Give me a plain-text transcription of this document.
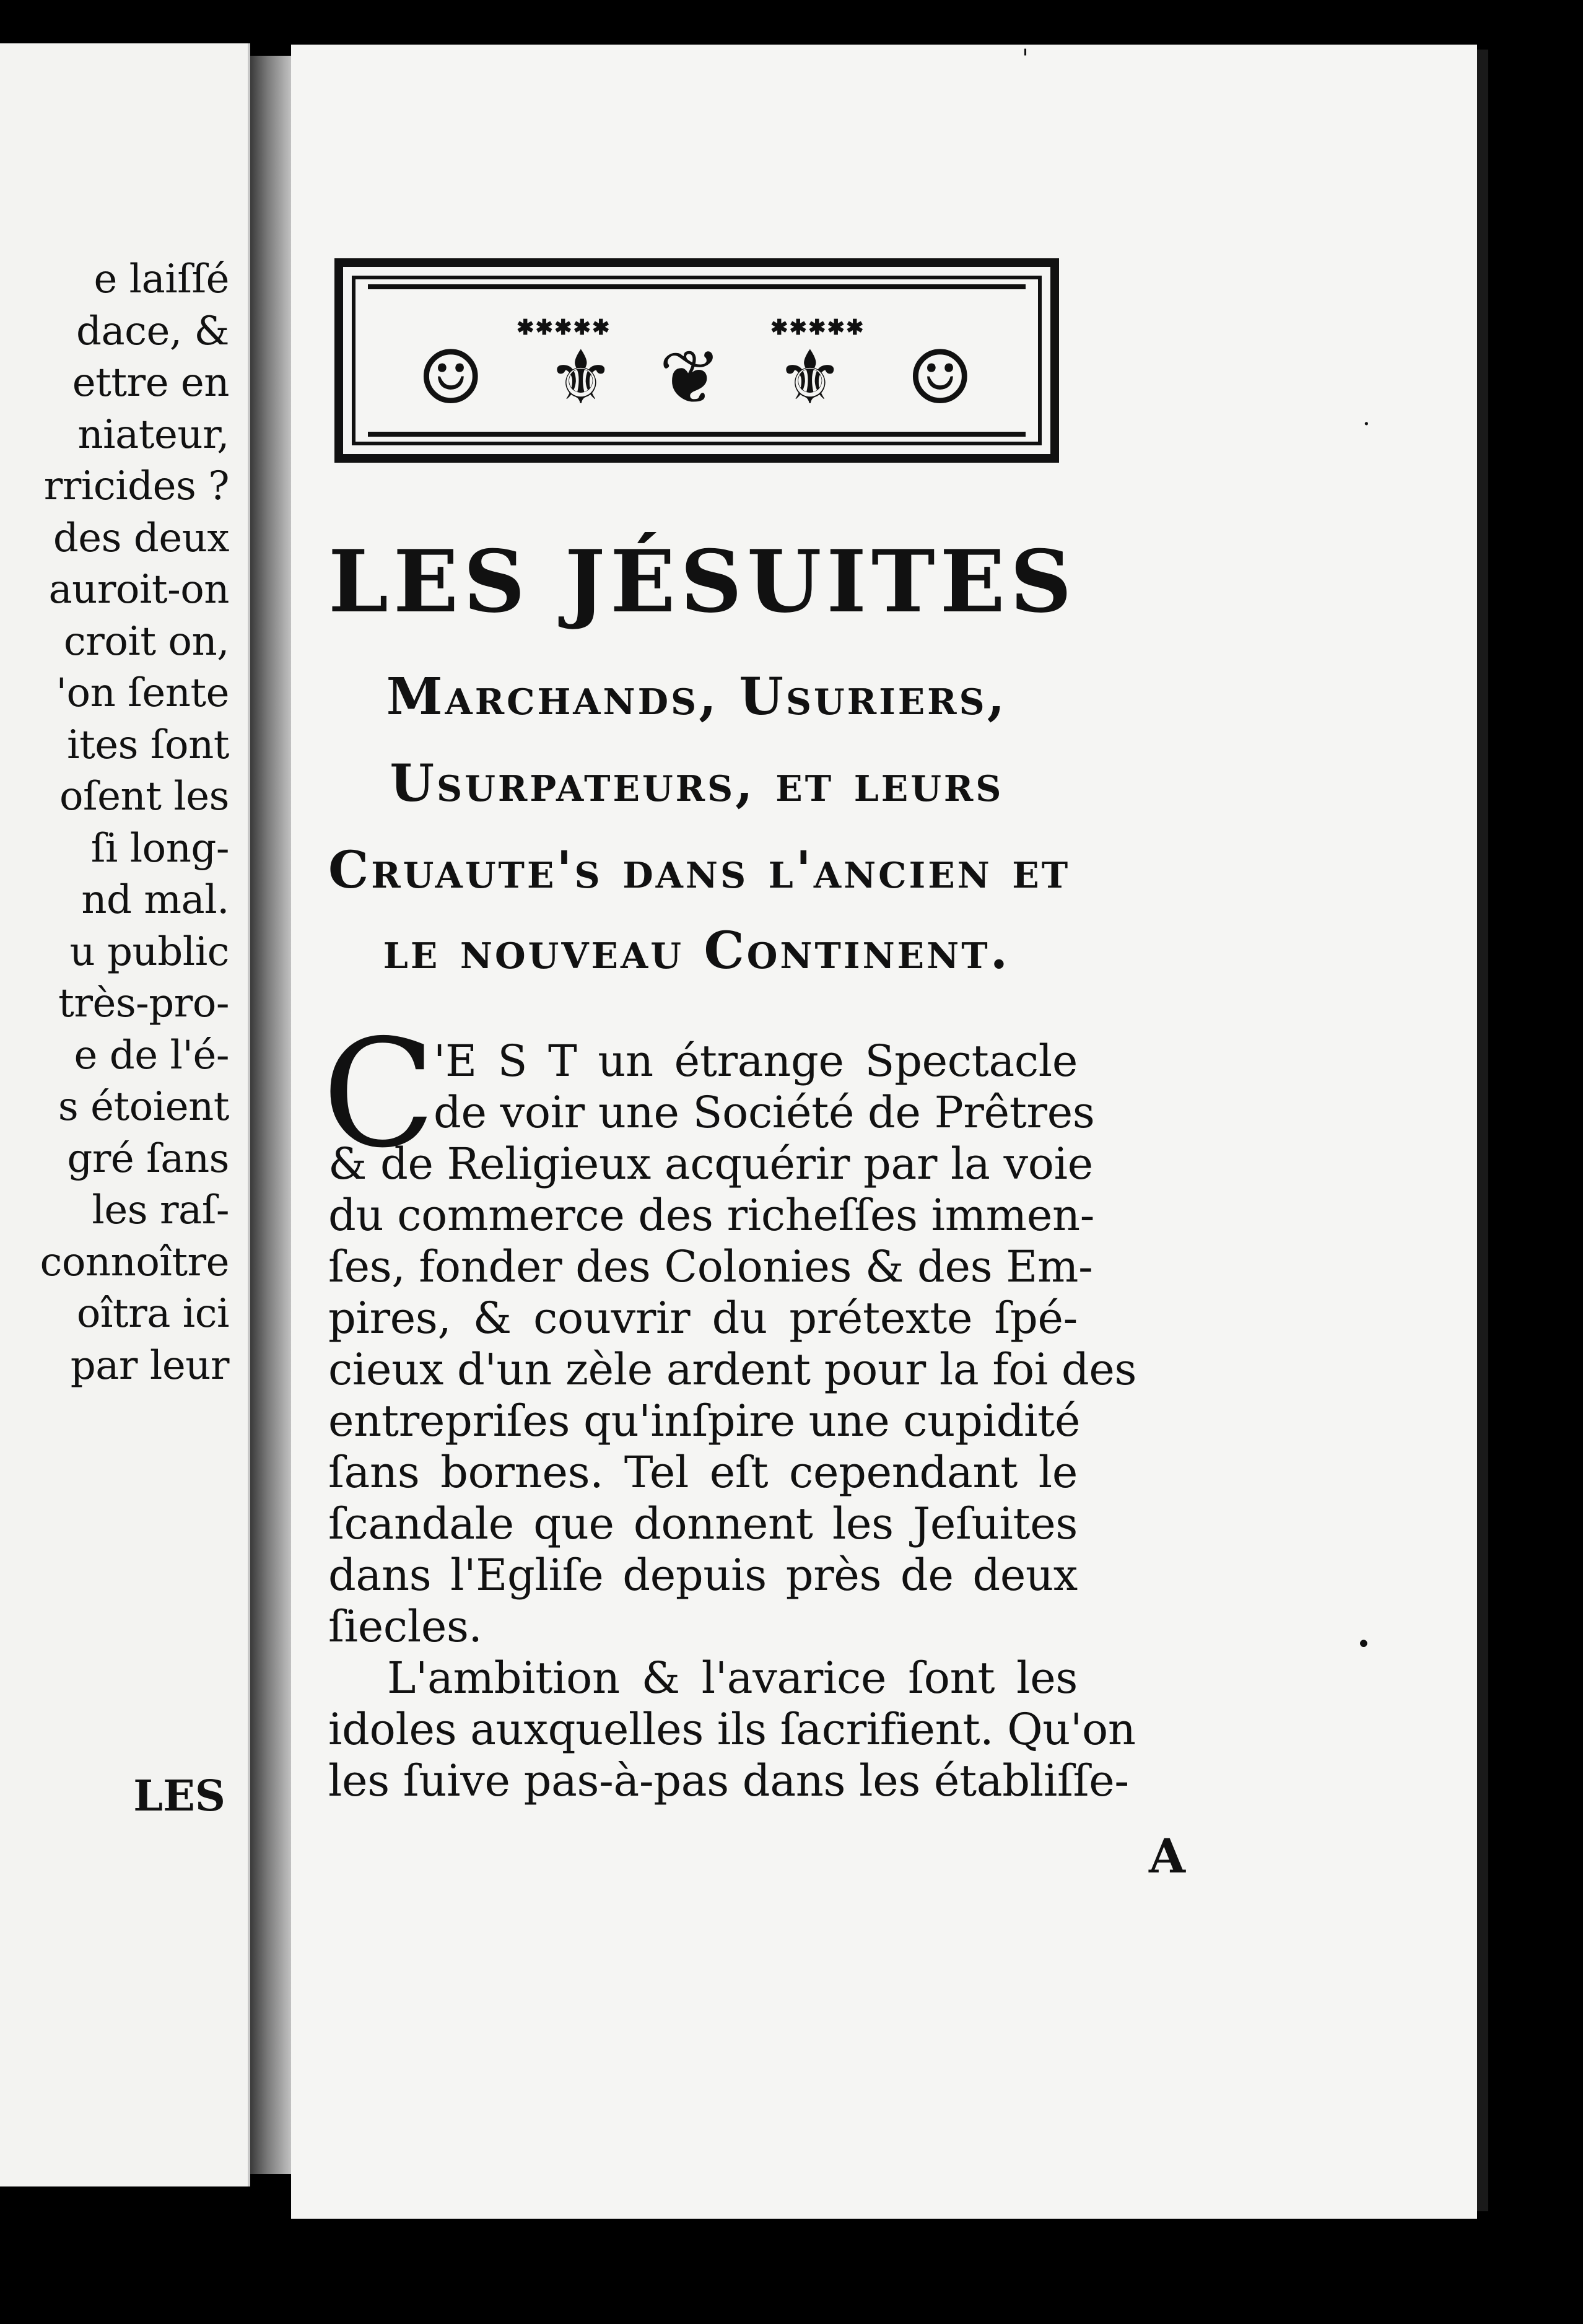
e laiſſé
dace, &
ettre en
niateur,
rricides ?
des deux
auroit-on
croit on,
'on ſente
ites ſont
oſent les
ſi long-
nd mal.
u public
très-pro-
e de l'é-
s étoient
gré ſans
les raſ-
connoître
oîtra ici
par leur
LES
✱✱✱✱✱	✱✱✱✱✱
☺ ⚜ ❦ ⚜ ☺
LES JÉSUITES
Marchands, Usuriers,
Usurpateurs, et leurs
Cruaute's dans l'ancien et
le nouveau Continent.
C
'E S T un étrange Spectacle
de voir une Société de Prêtres
& de Religieux acquérir par la voie
du commerce des richeſſes immen-
ſes, fonder des Colonies & des Em-
pires, & couvrir du prétexte ſpé-
cieux d'un zèle ardent pour la foi des
entrepriſes qu'inſpire une cupidité
ſans bornes. Tel eſt cependant le
ſcandale que donnent les Jeſuites
dans l'Egliſe depuis près de deux
ſiecles.
L'ambition & l'avarice ſont les
idoles auxquelles ils ſacrifient. Qu'on
les ſuive pas-à-pas dans les établiſſe-
A
'
·
•
